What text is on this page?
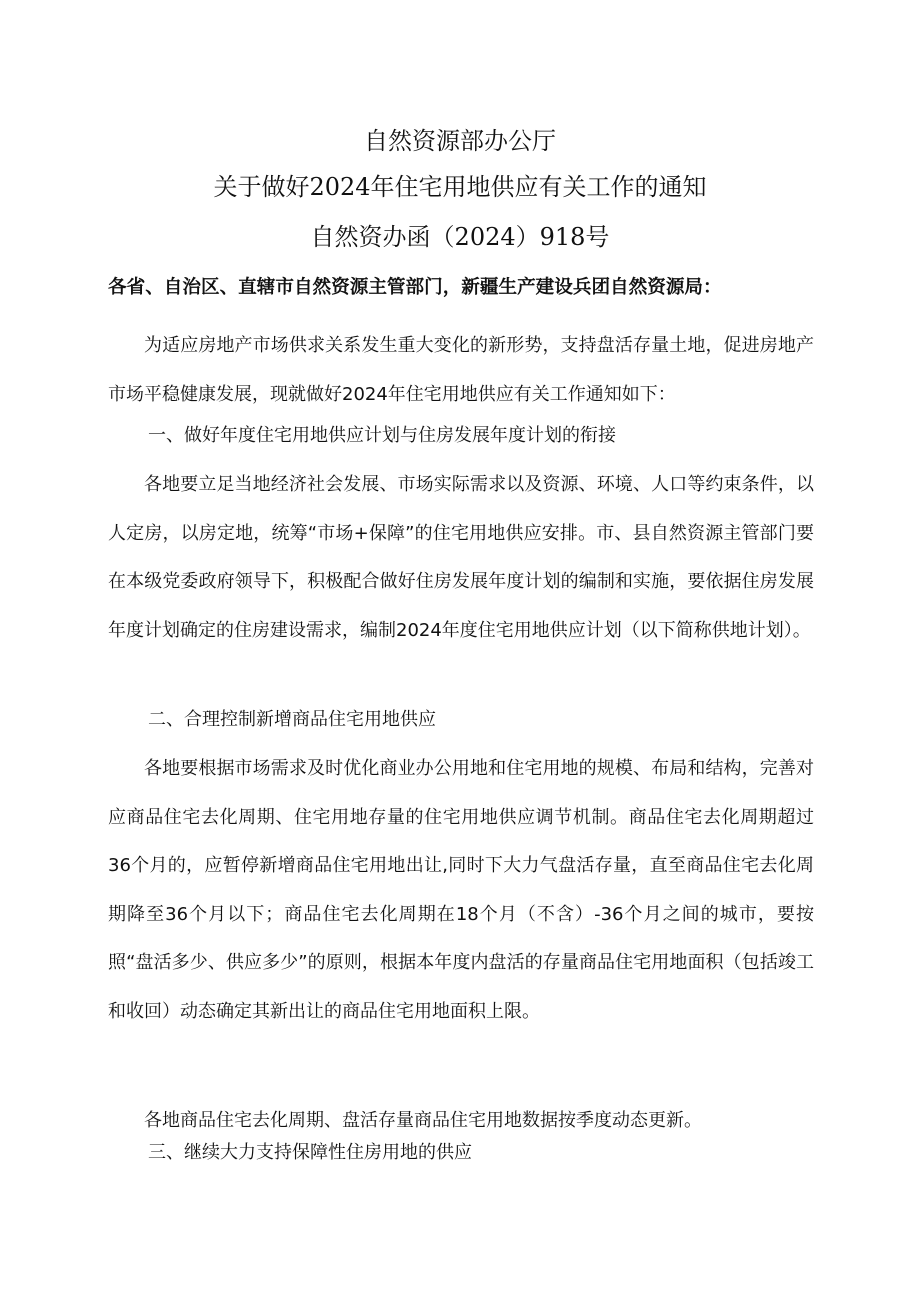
自然资源部办公厅
关于做好2024年住宅用地供应有关工作的通知
自然资办函（2024）918号
各省、自治区、直辖市自然资源主管部门，新疆生产建设兵团自然资源局：
为适应房地产市场供求关系发生重大变化的新形势，支持盘活存量土地，促进房地产市场平稳健康发展，现就做好2024年住宅用地供应有关工作通知如下：
一、做好年度住宅用地供应计划与住房发展年度计划的衔接
各地要立足当地经济社会发展、市场实际需求以及资源、环境、人口等约束条件，以人定房，以房定地，统筹“市场+保障”的住宅用地供应安排。市、县自然资源主管部门要在本级党委政府领导下，积极配合做好住房发展年度计划的编制和实施，要依据住房发展年度计划确定的住房建设需求，编制2024年度住宅用地供应计划（以下简称供地计划）。
二、合理控制新增商品住宅用地供应
各地要根据市场需求及时优化商业办公用地和住宅用地的规模、布局和结构，完善对应商品住宅去化周期、住宅用地存量的住宅用地供应调节机制。商品住宅去化周期超过36个月的，应暂停新增商品住宅用地出让,同时下大力气盘活存量，直至商品住宅去化周期降至36个月以下；商品住宅去化周期在18个月（不含）-36个月之间的城市，要按照“盘活多少、供应多少”的原则，根据本年度内盘活的存量商品住宅用地面积（包括竣工和收回）动态确定其新出让的商品住宅用地面积上限。
各地商品住宅去化周期、盘活存量商品住宅用地数据按季度动态更新。
三、继续大力支持保障性住房用地的供应
